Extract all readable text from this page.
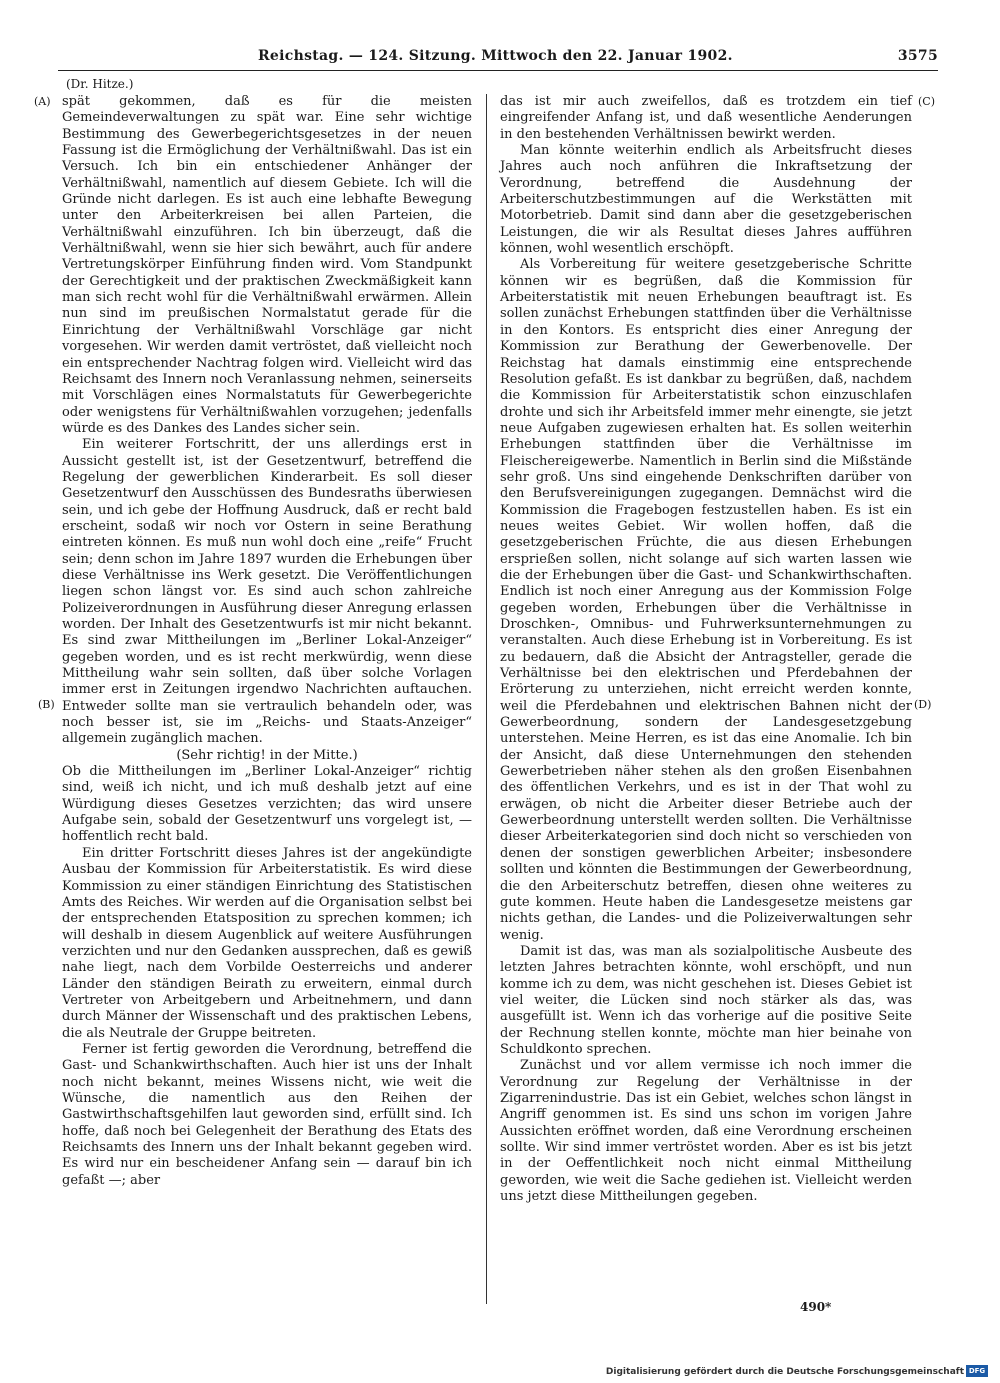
Reichstag. — 124. Sitzung. Mittwoch den 22. Januar 1902.	3575
(Dr. Hitze.)
(A)
(B)
(C)
(D)

spät gekommen, daß es für die meisten Gemeindeverwaltungen zu spät war. Eine sehr wichtige Bestimmung des Gewerbegerichtsgesetzes in der neuen Fassung ist die Ermöglichung der Verhältnißwahl. Das ist ein Versuch. Ich bin ein entschiedener Anhänger der Verhältnißwahl, namentlich auf diesem Gebiete. Ich will die Gründe nicht darlegen. Es ist auch eine lebhafte Bewegung unter den Arbeiterkreisen bei allen Parteien, die Verhältnißwahl einzuführen. Ich bin überzeugt, daß die Verhältnißwahl, wenn sie hier sich bewährt, auch für andere Vertretungskörper Einführung finden wird. Vom Standpunkt der Gerechtigkeit und der praktischen Zweckmäßigkeit kann man sich recht wohl für die Verhältnißwahl erwärmen. Allein nun sind im preußischen Normalstatut gerade für die Einrichtung der Verhältnißwahl Vorschläge gar nicht vorgesehen. Wir werden damit vertröstet, daß vielleicht noch ein entsprechender Nachtrag folgen wird. Vielleicht wird das Reichsamt des Innern noch Veranlassung nehmen, seinerseits mit Vorschlägen eines Normalstatuts für Gewerbegerichte oder wenigstens für Verhältnißwahlen vorzugehen; jedenfalls würde es des Dankes des Landes sicher sein.

Ein weiterer Fortschritt, der uns allerdings erst in Aussicht gestellt ist, ist der Gesetzentwurf, betreffend die Regelung der gewerblichen Kinderarbeit. Es soll dieser Gesetzentwurf den Ausschüssen des Bundesraths überwiesen sein, und ich gebe der Hoffnung Ausdruck, daß er recht bald erscheint, sodaß wir noch vor Ostern in seine Berathung eintreten können. Es muß nun wohl doch eine „reife“ Frucht sein; denn schon im Jahre 1897 wurden die Erhebungen über diese Verhältnisse ins Werk gesetzt. Die Veröffentlichungen liegen schon längst vor. Es sind auch schon zahlreiche Polizeiverordnungen in Ausführung dieser Anregung erlassen worden. Der Inhalt des Gesetzentwurfs ist mir nicht bekannt. Es sind zwar Mittheilungen im „Berliner Lokal-Anzeiger“ gegeben worden, und es ist recht merkwürdig, wenn diese Mittheilung wahr sein sollten, daß über solche Vorlagen immer erst in Zeitungen irgendwo Nachrichten auftauchen. Entweder sollte man sie vertraulich behandeln oder, was noch besser ist, sie im „Reichs- und Staats-Anzeiger“ allgemein zugänglich machen.

(Sehr richtig! in der Mitte.)

Ob die Mittheilungen im „Berliner Lokal-Anzeiger“ richtig sind, weiß ich nicht, und ich muß deshalb jetzt auf eine Würdigung dieses Gesetzes verzichten; das wird unsere Aufgabe sein, sobald der Gesetzentwurf uns vorgelegt ist, — hoffentlich recht bald.

Ein dritter Fortschritt dieses Jahres ist der angekündigte Ausbau der Kommission für Arbeiterstatistik. Es wird diese Kommission zu einer ständigen Einrichtung des Statistischen Amts des Reiches. Wir werden auf die Organisation selbst bei der entsprechenden Etatsposition zu sprechen kommen; ich will deshalb in diesem Augenblick auf weitere Ausführungen verzichten und nur den Gedanken aussprechen, daß es gewiß nahe liegt, nach dem Vorbilde Oesterreichs und anderer Länder den ständigen Beirath zu erweitern, einmal durch Vertreter von Arbeitgebern und Arbeitnehmern, und dann durch Männer der Wissenschaft und des praktischen Lebens, die als Neutrale der Gruppe beitreten.

Ferner ist fertig geworden die Verordnung, betreffend die Gast- und Schankwirthschaften. Auch hier ist uns der Inhalt noch nicht bekannt, meines Wissens nicht, wie weit die Wünsche, die namentlich aus den Reihen der Gastwirthschaftsgehilfen laut geworden sind, erfüllt sind. Ich hoffe, daß noch bei Gelegenheit der Berathung des Etats des Reichsamts des Innern uns der Inhalt bekannt gegeben wird. Es wird nur ein bescheidener Anfang sein — darauf bin ich gefaßt —; aber

das ist mir auch zweifellos, daß es trotzdem ein tief eingreifender Anfang ist, und daß wesentliche Aenderungen in den bestehenden Verhältnissen bewirkt werden.

Man könnte weiterhin endlich als Arbeitsfrucht dieses Jahres auch noch anführen die Inkraftsetzung der Verordnung, betreffend die Ausdehnung der Arbeiterschutzbestimmungen auf die Werkstätten mit Motorbetrieb. Damit sind dann aber die gesetzgeberischen Leistungen, die wir als Resultat dieses Jahres aufführen können, wohl wesentlich erschöpft.

Als Vorbereitung für weitere gesetzgeberische Schritte können wir es begrüßen, daß die Kommission für Arbeiterstatistik mit neuen Erhebungen beauftragt ist. Es sollen zunächst Erhebungen stattfinden über die Verhältnisse in den Kontors. Es entspricht dies einer Anregung der Kommission zur Berathung der Gewerbenovelle. Der Reichstag hat damals einstimmig eine entsprechende Resolution gefaßt. Es ist dankbar zu begrüßen, daß, nachdem die Kommission für Arbeiterstatistik schon einzuschlafen drohte und sich ihr Arbeitsfeld immer mehr einengte, sie jetzt neue Aufgaben zugewiesen erhalten hat. Es sollen weiterhin Erhebungen stattfinden über die Verhältnisse im Fleischereigewerbe. Namentlich in Berlin sind die Mißstände sehr groß. Uns sind eingehende Denkschriften darüber von den Berufsvereinigungen zugegangen. Demnächst wird die Kommission die Fragebogen festzustellen haben. Es ist ein neues weites Gebiet. Wir wollen hoffen, daß die gesetzgeberischen Früchte, die aus diesen Erhebungen ersprießen sollen, nicht solange auf sich warten lassen wie die der Erhebungen über die Gast- und Schankwirthschaften. Endlich ist noch einer Anregung aus der Kommission Folge gegeben worden, Erhebungen über die Verhältnisse in Droschken-, Omnibus- und Fuhrwerksunternehmungen zu veranstalten. Auch diese Erhebung ist in Vorbereitung. Es ist zu bedauern, daß die Absicht der Antragsteller, gerade die Verhältnisse bei den elektrischen und Pferdebahnen der Erörterung zu unterziehen, nicht erreicht werden konnte, weil die Pferdebahnen und elektrischen Bahnen nicht der Gewerbeordnung, sondern der Landesgesetzgebung unterstehen. Meine Herren, es ist das eine Anomalie. Ich bin der Ansicht, daß diese Unternehmungen den stehenden Gewerbetrieben näher stehen als den großen Eisenbahnen des öffentlichen Verkehrs, und es ist in der That wohl zu erwägen, ob nicht die Arbeiter dieser Betriebe auch der Gewerbeordnung unterstellt werden sollten. Die Verhältnisse dieser Arbeiterkategorien sind doch nicht so verschieden von denen der sonstigen gewerblichen Arbeiter; insbesondere sollten und könnten die Bestimmungen der Gewerbeordnung, die den Arbeiterschutz betreffen, diesen ohne weiteres zu gute kommen. Heute haben die Landesgesetze meistens gar nichts gethan, die Landes- und die Polizeiverwaltungen sehr wenig.

Damit ist das, was man als sozialpolitische Ausbeute des letzten Jahres betrachten könnte, wohl erschöpft, und nun komme ich zu dem, was nicht geschehen ist. Dieses Gebiet ist viel weiter, die Lücken sind noch stärker als das, was ausgefüllt ist. Wenn ich das vorherige auf die positive Seite der Rechnung stellen konnte, möchte man hier beinahe von Schuldkonto sprechen.

Zunächst und vor allem vermisse ich noch immer die Verordnung zur Regelung der Verhältnisse in der Zigarrenindustrie. Das ist ein Gebiet, welches schon längst in Angriff genommen ist. Es sind uns schon im vorigen Jahre Aussichten eröffnet worden, daß eine Verordnung erscheinen sollte. Wir sind immer vertröstet worden. Aber es ist bis jetzt in der Oeffentlichkeit noch nicht einmal Mittheilung geworden, wie weit die Sache gediehen ist. Vielleicht werden uns jetzt diese Mittheilungen gegeben.

490*
Digitalisierung gefördert durch die Deutsche Forschungsgemeinschaft DFG
